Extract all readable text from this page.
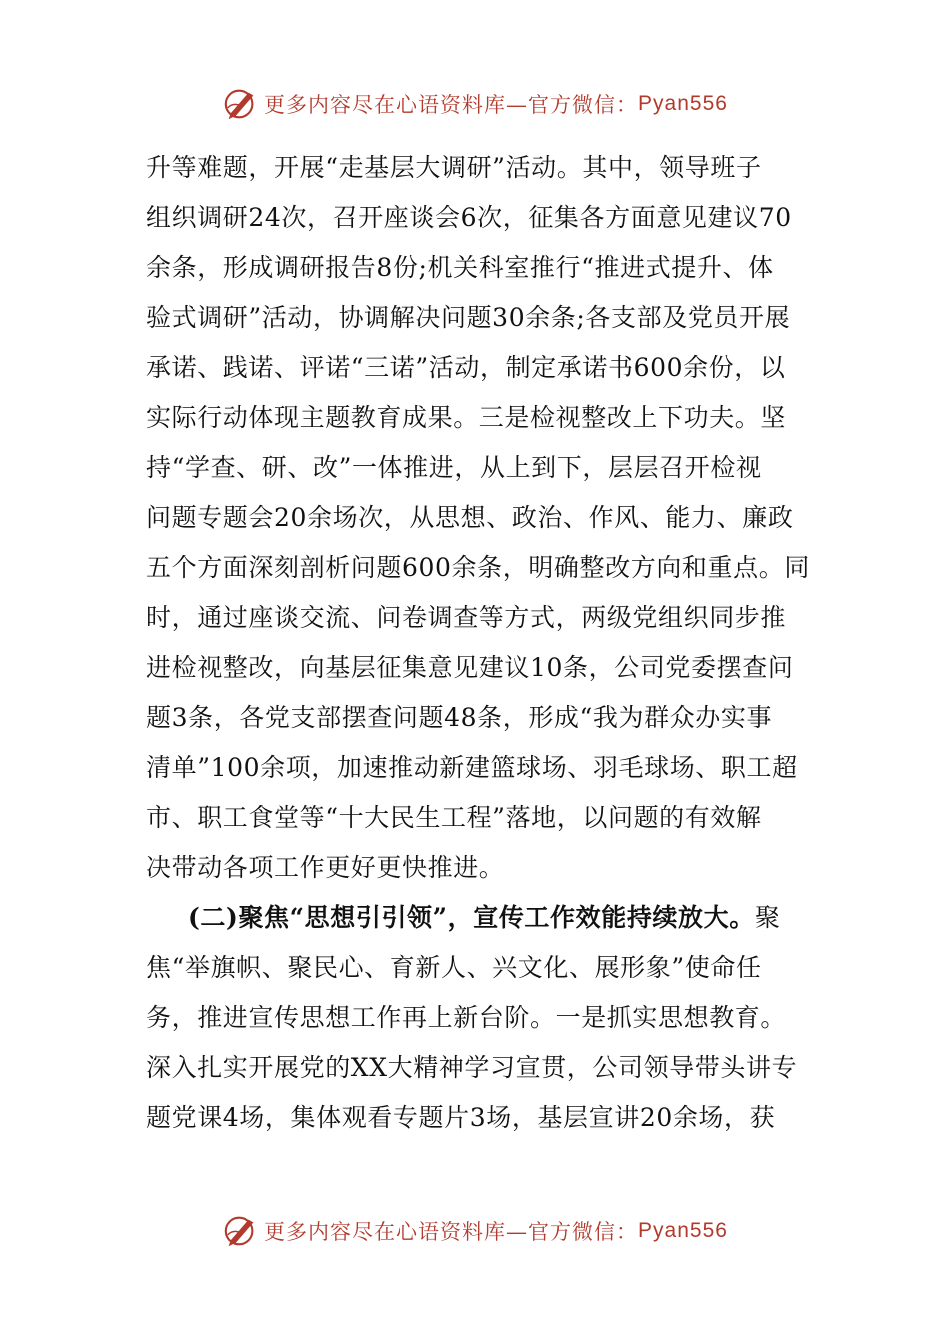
更多内容尽在心语资料库—官方微信： Pyan556
升等难题，开展“走基层大调研”活动。其中，领导班子
组织调研24次，召开座谈会6次，征集各方面意见建议70
余条，形成调研报告8份;机关科室推行“推进式提升、体
验式调研”活动，协调解决问题30余条;各支部及党员开展
承诺、践诺、评诺“三诺”活动，制定承诺书600余份，以
实际行动体现主题教育成果。三是检视整改上下功夫。坚
持“学查、研、改”一体推进，从上到下，层层召开检视
问题专题会20余场次，从思想、政治、作风、能力、廉政
五个方面深刻剖析问题600余条，明确整改方向和重点。同
时，通过座谈交流、问卷调查等方式，两级党组织同步推
进检视整改，向基层征集意见建议10条，公司党委摆查问
题3条，各党支部摆查问题48条，形成“我为群众办实事
清单”100余项，加速推动新建篮球场、羽毛球场、职工超
市、职工食堂等“十大民生工程”落地，以问题的有效解
决带动各项工作更好更快推进。
(二)聚焦“思想引引领”，宣传工作效能持续放大。聚
焦“举旗帜、聚民心、育新人、兴文化、展形象”使命任
务，推进宣传思想工作再上新台阶。一是抓实思想教育。
深入扎实开展党的XX大精神学习宣贯，公司领导带头讲专
题党课4场，集体观看专题片3场，基层宣讲20余场，获
更多内容尽在心语资料库—官方微信： Pyan556
